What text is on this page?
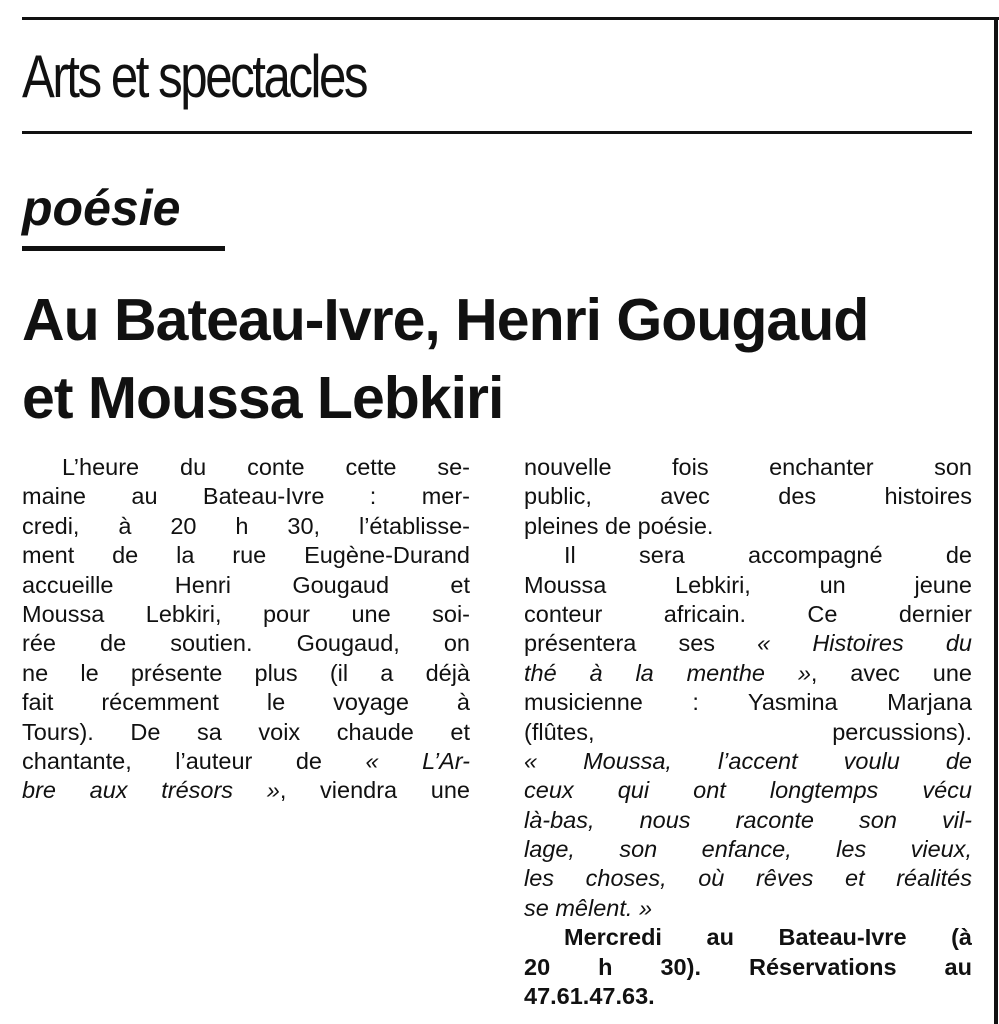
Arts et spectacles
poésie
Au Bateau-Ivre, Henri Gougaud
et Moussa Lebkiri
L’heure du conte cette se-
maine au Bateau-Ivre : mer-
credi, à 20 h 30, l’établisse-
ment de la rue Eugène-Durand
accueille Henri Gougaud et
Moussa Lebkiri, pour une soi-
rée de soutien. Gougaud, on
ne le présente plus (il a déjà
fait récemment le voyage à
Tours). De sa voix chaude et
chantante, l’auteur de « L’Ar-
bre aux trésors », viendra une
nouvelle fois enchanter son
public, avec des histoires
pleines de poésie.
Il sera accompagné de
Moussa Lebkiri, un jeune
conteur africain. Ce dernier
présentera ses « Histoires du
thé à la menthe », avec une
musicienne : Yasmina Marjana
(flûtes, percussions).
« Moussa, l’accent voulu de
ceux qui ont longtemps vécu
là-bas, nous raconte son vil-
lage, son enfance, les vieux,
les choses, où rêves et réalités
se mêlent. »
Mercredi au Bateau-Ivre (à
20 h 30). Réservations au
47.61.47.63.
